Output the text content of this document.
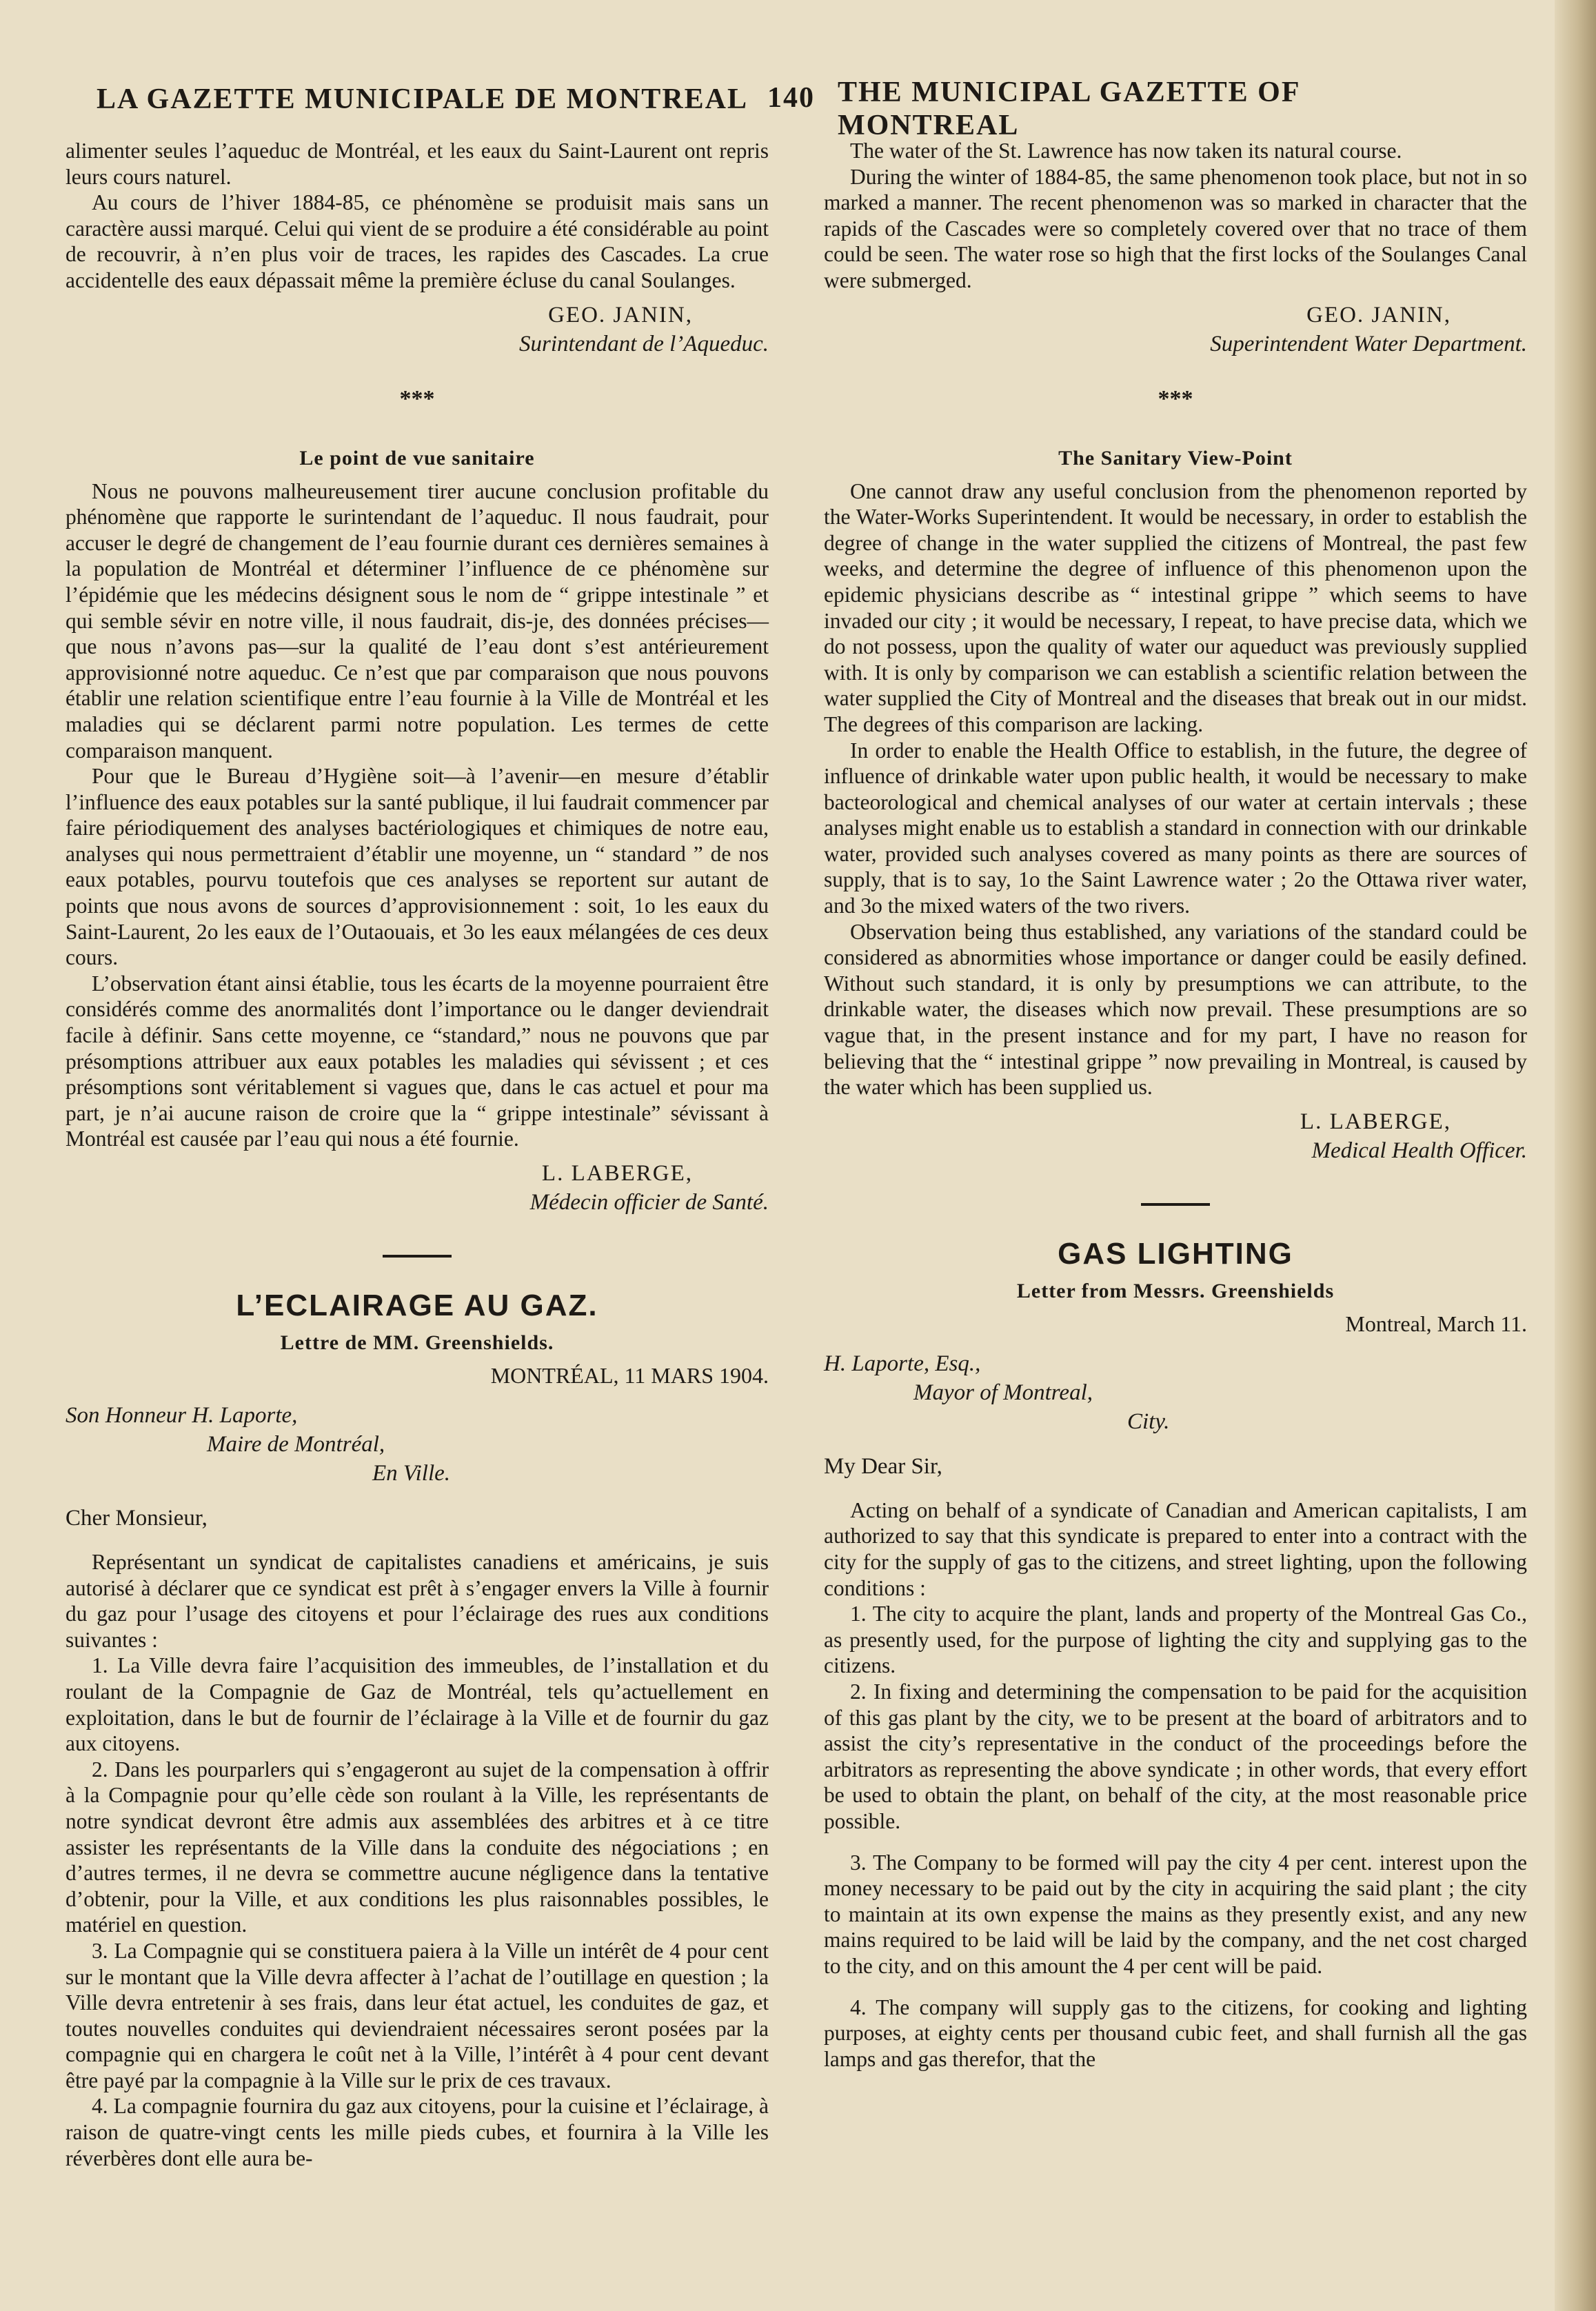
LA GAZETTE MUNICIPALE DE MONTREAL 140 THE MUNICIPAL GAZETTE OF MONTREAL

alimenter seules l’aqueduc de Montréal, et les eaux du Saint-Laurent ont repris leurs cours naturel.

Au cours de l’hiver 1884-85, ce phénomène se produisit mais sans un caractère aussi marqué. Celui qui vient de se produire a été considérable au point de recouvrir, à n’en plus voir de traces, les rapides des Cascades. La crue accidentelle des eaux dépassait même la première écluse du canal Soulanges.

GEO. JANIN,
Surintendant de l’Aqueduc.
***
Le point de vue sanitaire

Nous ne pouvons malheureusement tirer aucune conclusion profitable du phénomène que rapporte le surintendant de l’aqueduc. Il nous faudrait, pour accuser le degré de changement de l’eau fournie durant ces dernières semaines à la population de Montréal et déterminer l’influence de ce phénomène sur l’épidémie que les médecins désignent sous le nom de “ grippe intestinale ” et qui semble sévir en notre ville, il nous faudrait, dis-je, des données précises—que nous n’avons pas—sur la qualité de l’eau dont s’est antérieurement approvisionné notre aqueduc. Ce n’est que par comparaison que nous pouvons établir une relation scientifique entre l’eau fournie à la Ville de Montréal et les maladies qui se déclarent parmi notre population. Les termes de cette comparaison manquent.

Pour que le Bureau d’Hygiène soit—à l’avenir—en mesure d’établir l’influence des eaux potables sur la santé publique, il lui faudrait commencer par faire périodiquement des analyses bactériologiques et chimiques de notre eau, analyses qui nous permettraient d’établir une moyenne, un “ standard ” de nos eaux potables, pourvu toutefois que ces analyses se reportent sur autant de points que nous avons de sources d’approvisionnement : soit, 1o les eaux du Saint-Laurent, 2o les eaux de l’Outaouais, et 3o les eaux mélangées de ces deux cours.

L’observation étant ainsi établie, tous les écarts de la moyenne pourraient être considérés comme des anormalités dont l’importance ou le danger deviendrait facile à définir. Sans cette moyenne, ce “standard,” nous ne pouvons que par présomptions attribuer aux eaux potables les maladies qui sévissent ; et ces présomptions sont véritablement si vagues que, dans le cas actuel et pour ma part, je n’ai aucune raison de croire que la “ grippe intestinale” sévissant à Montréal est causée par l’eau qui nous a été fournie.

L. LABERGE,
Médecin officier de Santé.
L’ECLAIRAGE AU GAZ.
Lettre de MM. Greenshields.
MONTRÉAL, 11 MARS 1904.
Son Honneur H. Laporte,
Maire de Montréal,
En Ville.
Cher Monsieur,

Représentant un syndicat de capitalistes canadiens et américains, je suis autorisé à déclarer que ce syndicat est prêt à s’engager envers la Ville à fournir du gaz pour l’usage des citoyens et pour l’éclairage des rues aux conditions suivantes :

1. La Ville devra faire l’acquisition des immeubles, de l’installation et du roulant de la Compagnie de Gaz de Montréal, tels qu’actuellement en exploitation, dans le but de fournir de l’éclairage à la Ville et de fournir du gaz aux citoyens.

2. Dans les pourparlers qui s’engageront au sujet de la compensation à offrir à la Compagnie pour qu’elle cède son roulant à la Ville, les représentants de notre syndicat devront être admis aux assemblées des arbitres et à ce titre assister les représentants de la Ville dans la conduite des négociations ; en d’autres termes, il ne devra se commettre aucune négligence dans la tentative d’obtenir, pour la Ville, et aux conditions les plus raisonnables possibles, le matériel en question.

3. La Compagnie qui se constituera paiera à la Ville un intérêt de 4 pour cent sur le montant que la Ville devra affecter à l’achat de l’outillage en question ; la Ville devra entretenir à ses frais, dans leur état actuel, les conduites de gaz, et toutes nouvelles conduites qui deviendraient nécessaires seront posées par la compagnie qui en chargera le coût net à la Ville, l’intérêt à 4 pour cent devant être payé par la compagnie à la Ville sur le prix de ces travaux.

4. La compagnie fournira du gaz aux citoyens, pour la cuisine et l’éclairage, à raison de quatre-vingt cents les mille pieds cubes, et fournira à la Ville les réverbères dont elle aura be-

The water of the St. Lawrence has now taken its natural course.

During the winter of 1884-85, the same phenomenon took place, but not in so marked a manner. The recent phenomenon was so marked in character that the rapids of the Cascades were so completely covered over that no trace of them could be seen. The water rose so high that the first locks of the Soulanges Canal were submerged.

GEO. JANIN,
Superintendent Water Department.
***
The Sanitary View-Point

One cannot draw any useful conclusion from the phenomenon reported by the Water-Works Superintendent. It would be necessary, in order to establish the degree of change in the water supplied the citizens of Montreal, the past few weeks, and determine the degree of influence of this phenomenon upon the epidemic physicians describe as “ intestinal grippe ” which seems to have invaded our city ; it would be necessary, I repeat, to have precise data, which we do not possess, upon the quality of water our aqueduct was previously supplied with. It is only by comparison we can establish a scientific relation between the water supplied the City of Montreal and the diseases that break out in our midst. The degrees of this comparison are lacking.

In order to enable the Health Office to establish, in the future, the degree of influence of drinkable water upon public health, it would be necessary to make bacteorological and chemical analyses of our water at certain intervals ; these analyses might enable us to establish a standard in connection with our drinkable water, provided such analyses covered as many points as there are sources of supply, that is to say, 1o the Saint Lawrence water ; 2o the Ottawa river water, and 3o the mixed waters of the two rivers.

Observation being thus established, any variations of the standard could be considered as abnormities whose importance or danger could be easily defined. Without such standard, it is only by presumptions we can attribute, to the drinkable water, the diseases which now prevail. These presumptions are so vague that, in the present instance and for my part, I have no reason for believing that the “ intestinal grippe ” now prevailing in Montreal, is caused by the water which has been supplied us.

L. LABERGE,
Medical Health Officer.
GAS LIGHTING
Letter from Messrs. Greenshields
Montreal, March 11.
H. Laporte, Esq.,
Mayor of Montreal,
City.
My Dear Sir,

Acting on behalf of a syndicate of Canadian and American capitalists, I am authorized to say that this syndicate is prepared to enter into a contract with the city for the supply of gas to the citizens, and street lighting, upon the following conditions :

1. The city to acquire the plant, lands and property of the Montreal Gas Co., as presently used, for the purpose of lighting the city and supplying gas to the citizens.

2. In fixing and determining the compensation to be paid for the acquisition of this gas plant by the city, we to be present at the board of arbitrators and to assist the city’s representative in the conduct of the proceedings before the arbitrators as representing the above syndicate ; in other words, that every effort be used to obtain the plant, on behalf of the city, at the most reasonable price possible.

3. The Company to be formed will pay the city 4 per cent. interest upon the money necessary to be paid out by the city in acquiring the said plant ; the city to maintain at its own expense the mains as they presently exist, and any new mains required to be laid will be laid by the company, and the net cost charged to the city, and on this amount the 4 per cent will be paid.

4. The company will supply gas to the citizens, for cooking and lighting purposes, at eighty cents per thousand cubic feet, and shall furnish all the gas lamps and gas therefor, that the
